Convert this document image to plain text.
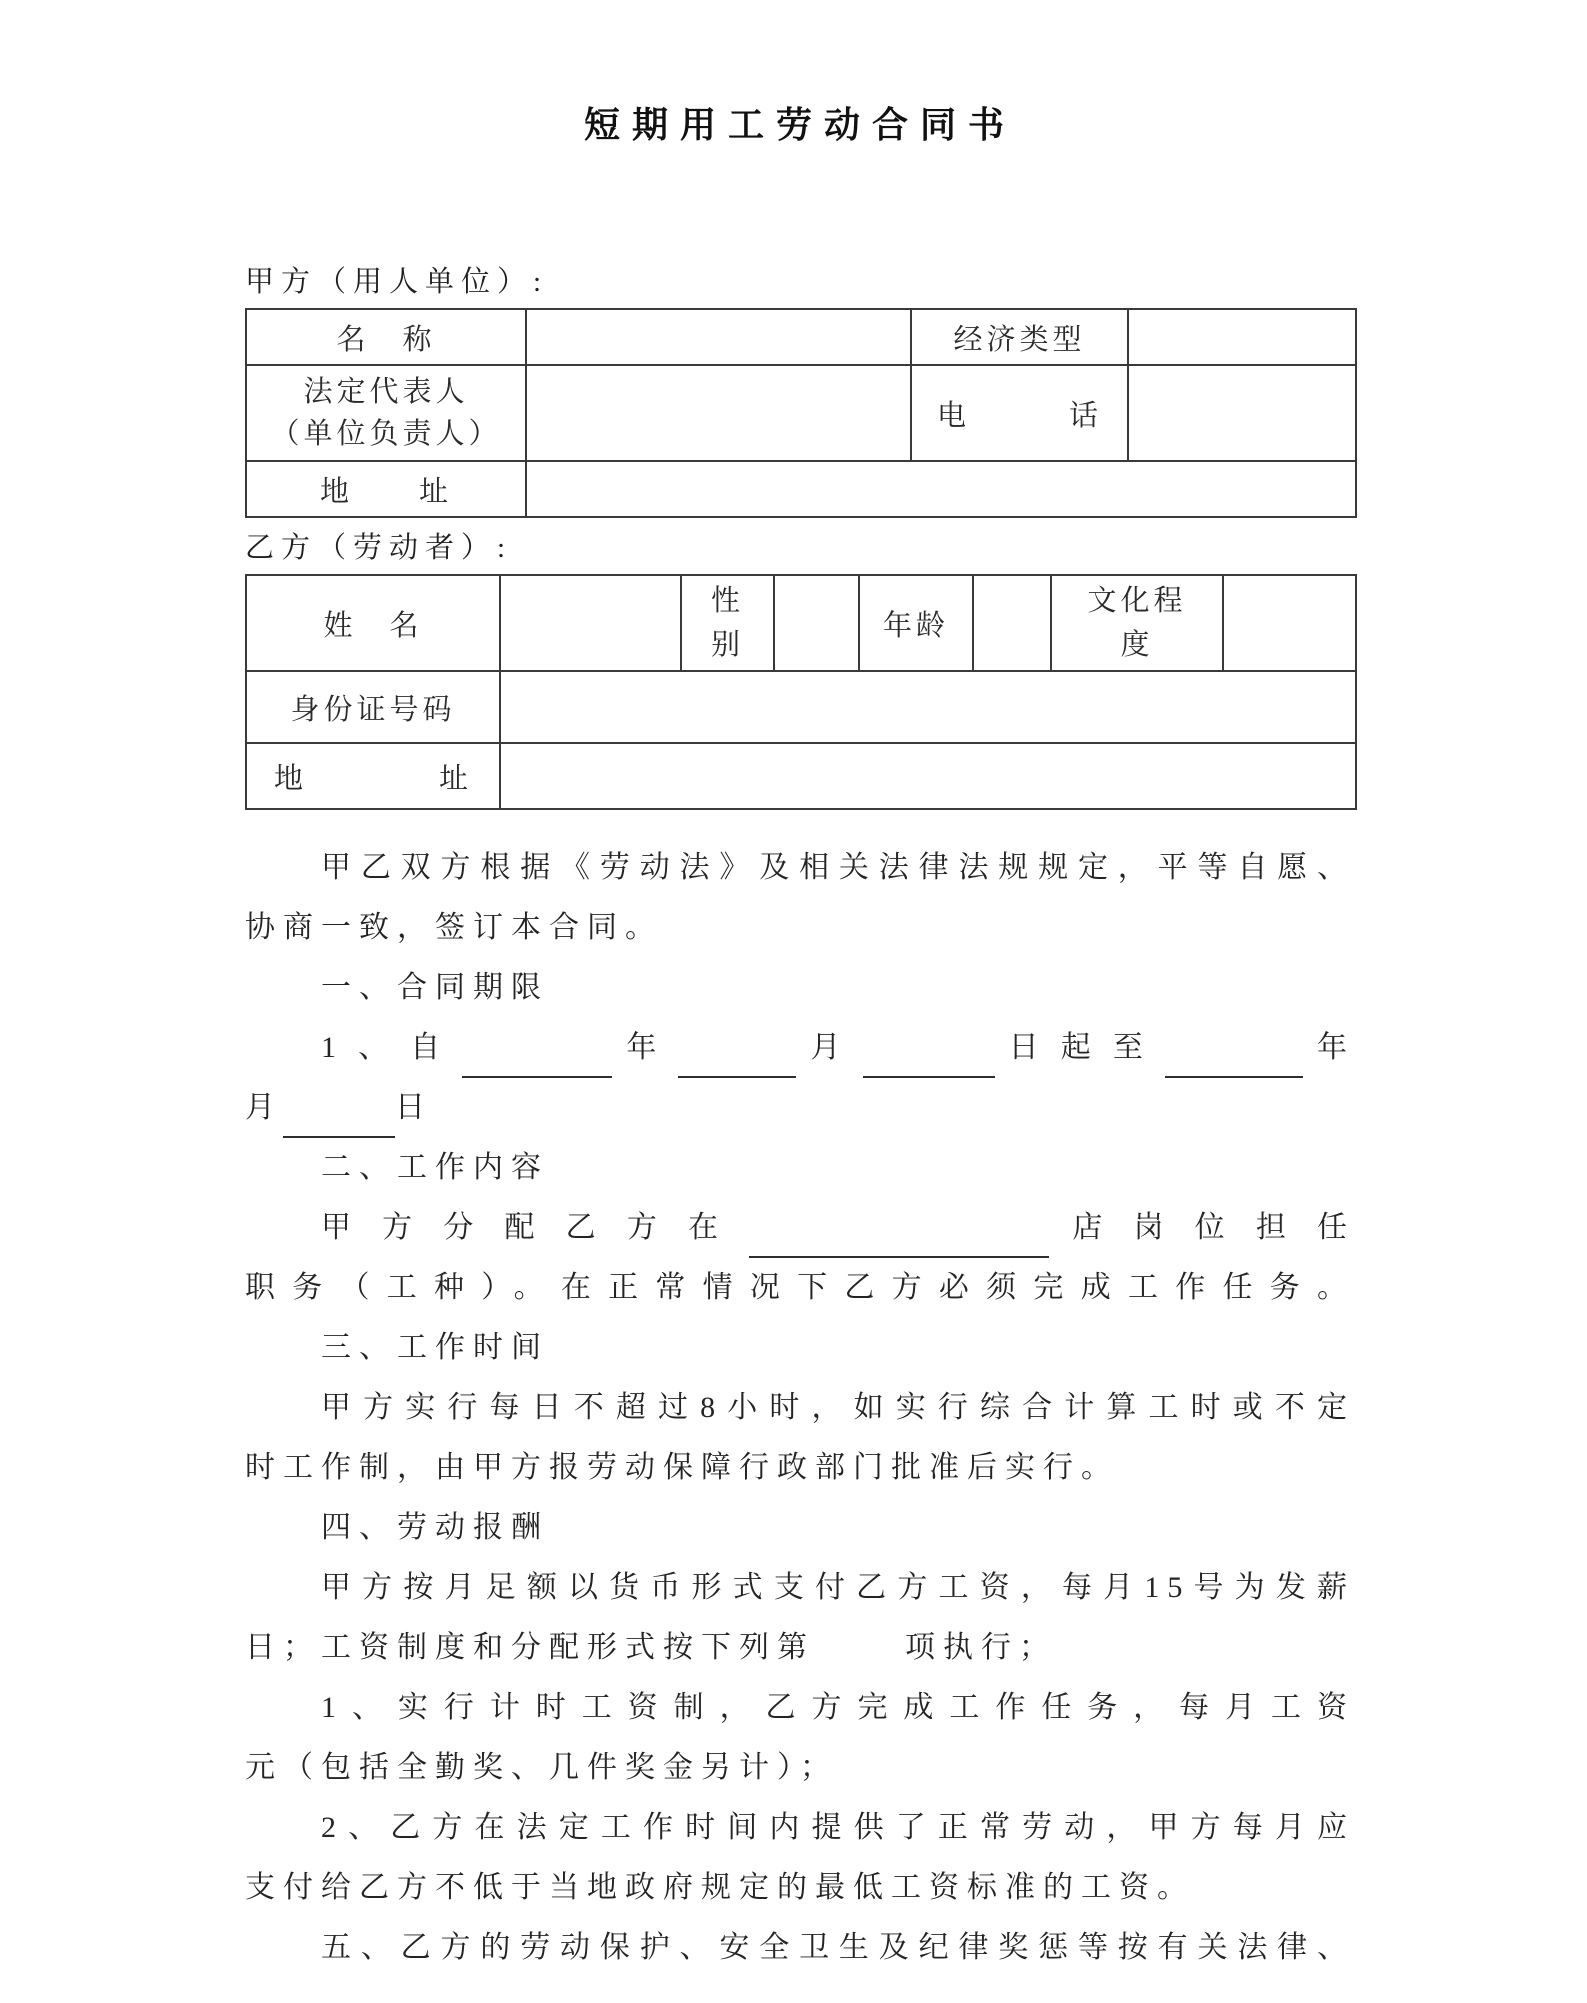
短期用工劳动合同书
甲方（用人单位）:
名　称		经济类型	

法定代表人
（单位负责人）		电　　　话	
地　　址			
乙方（劳动者）:
姓　名		性别		年龄		文化程度	
身份证号码							
地　　　　址							
甲乙双方根据《劳动法》及相关法律法规规定，平等自愿、
协商一致，签订本合同。
一、合同期限
1、自	年	月	日起至	年
月	日
二、工作内容
甲方分配乙方在	店岗位担任
职务（工种）。在正常情况下乙方必须完成工作任务。
三、工作时间
甲方实行每日不超过8小时，如实行综合计算工时或不定
时工作制，由甲方报劳动保障行政部门批准后实行。
四、劳动报酬
甲方按月足额以货币形式支付乙方工资，每月15号为发薪
日；工资制度和分配形式按下列第	项执行；
1、实行计时工资制，乙方完成工作任务，每月工资
元（包括全勤奖、几件奖金另计）；
2、乙方在法定工作时间内提供了正常劳动，甲方每月应
支付给乙方不低于当地政府规定的最低工资标准的工资。
五、乙方的劳动保护、安全卫生及纪律奖惩等按有关法律、
